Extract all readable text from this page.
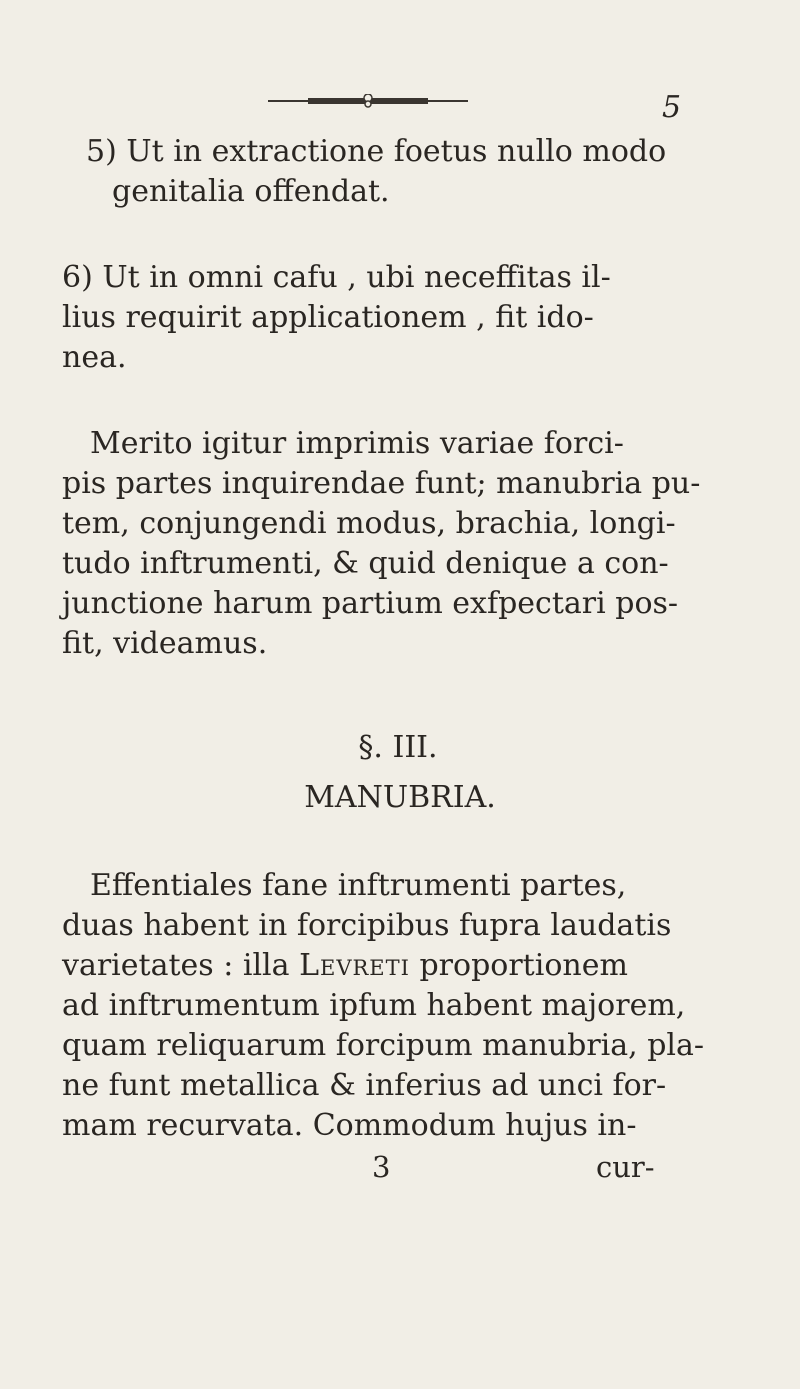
5
5) Ut in extractione foetus nullo modo
genitalia offendat.
6) Ut in omni cafu , ubi neceffitas il-
lius requirit applicationem , fit ido-
nea.
Merito igitur imprimis variae forci-
pis partes inquirendae funt; manubria pu-
tem, conjungendi modus, brachia, longi-
tudo inftrumenti, & quid denique a con-
junctione harum partium exfpectari pos-
fit, videamus.
§. III.
MANUBRIA.
Effentiales fane inftrumenti partes,
duas habent in forcipibus fupra laudatis
varietates : illa Levreti proportionem
ad inftrumentum ipfum habent majorem,
quam reliquarum forcipum manubria, pla-
ne funt metallica & inferius ad unci for-
mam recurvata. Commodum hujus in-
3	cur-
